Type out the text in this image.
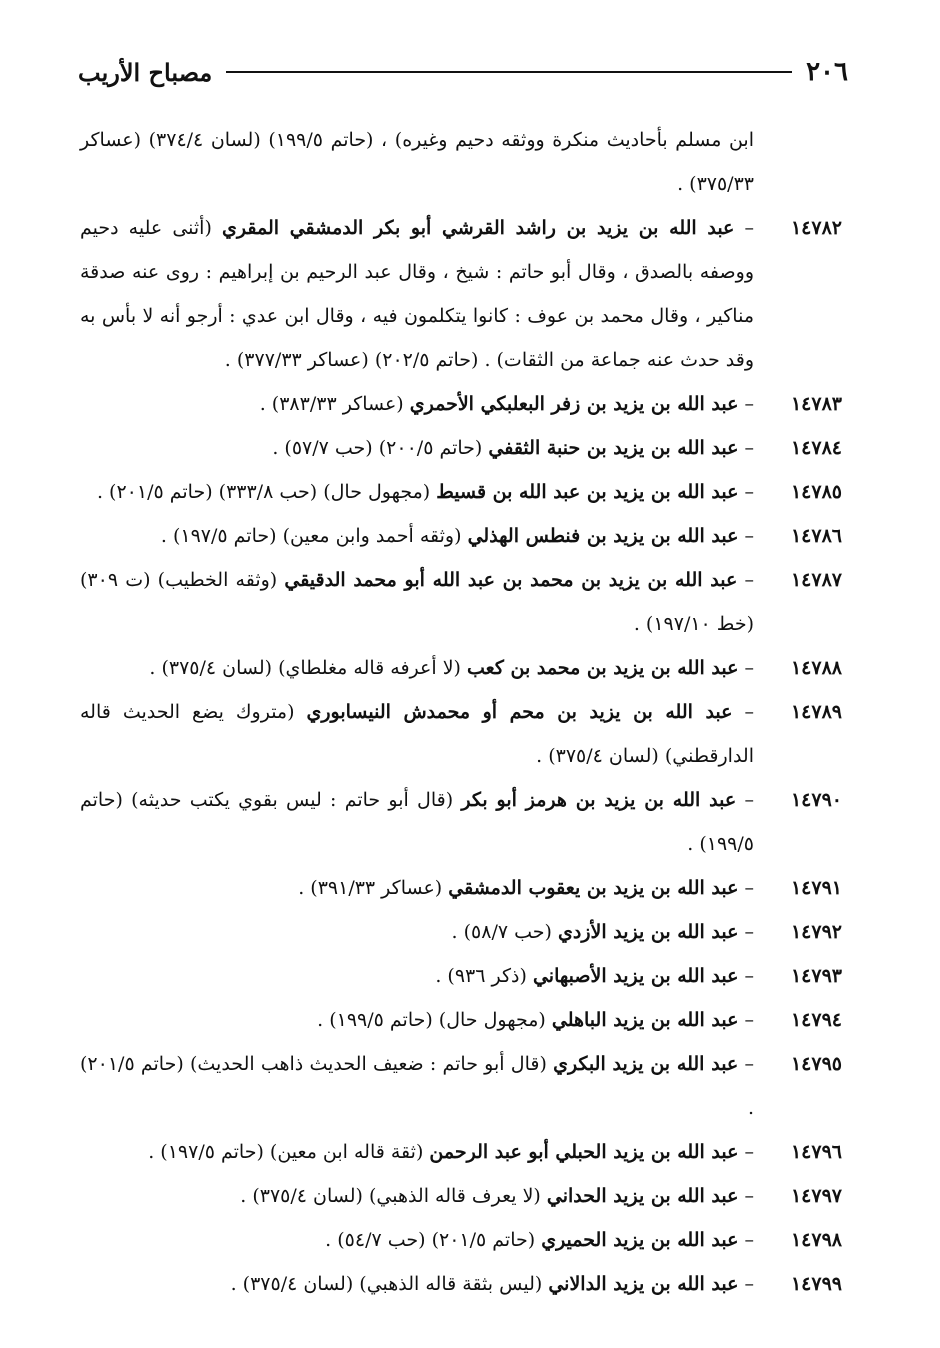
٢٠٦
مصباح الأريب

ابن مسلم بأحاديث منكرة ووثقه دحيم وغيره) ، (حاتم ١٩٩/٥) (لسان ٣٧٤/٤) (عساكر ٣٧٥/٣٣) .

١٤٧٨٢
– عبد الله بن يزيد بن راشد القرشي أبو بكر الدمشقي المقري (أثنى عليه دحيم ووصفه بالصدق ، وقال أبو حاتم : شيخ ، وقال عبد الرحيم بن إبراهيم : روى عنه صدقة مناكير ، وقال محمد بن عوف : كانوا يتكلمون فيه ، وقال ابن عدي : أرجو أنه لا بأس به وقد حدث عنه جماعة من الثقات) . (حاتم ٢٠٢/٥) (عساكر ٣٧٧/٣٣) .

١٤٧٨٣
– عبد الله بن يزيد بن زفر البعلبكي الأحمري (عساكر ٣٨٣/٣٣) .

١٤٧٨٤
– عبد الله بن يزيد بن حنبة الثقفي (حاتم ٢٠٠/٥) (حب ٥٧/٧) .

١٤٧٨٥
– عبد الله بن يزيد بن عبد الله بن قسيط (مجهول حال) (حب ٣٣٣/٨) (حاتم ٢٠١/٥) .

١٤٧٨٦
– عبد الله بن يزيد بن فنطس الهذلي (وثقه أحمد وابن معين) (حاتم ١٩٧/٥) .

١٤٧٨٧
– عبد الله بن يزيد بن محمد بن عبد الله أبو محمد الدقيقي (وثقه الخطيب) (ت ٣٠٩) (خط ١٩٧/١٠) .

١٤٧٨٨
– عبد الله بن يزيد بن محمد بن كعب (لا أعرفه قاله مغلطاي) (لسان ٣٧٥/٤) .

١٤٧٨٩
– عبد الله بن يزيد بن محم أو محمدش النيسابوري (متروك يضع الحديث قاله الدارقطني) (لسان ٣٧٥/٤) .

١٤٧٩٠
– عبد الله بن يزيد بن هرمز أبو بكر (قال أبو حاتم : ليس بقوي يكتب حديثه) (حاتم ١٩٩/٥) .

١٤٧٩١
– عبد الله بن يزيد بن يعقوب الدمشقي (عساكر ٣٩١/٣٣) .

١٤٧٩٢
– عبد الله بن يزيد الأزدي (حب ٥٨/٧) .

١٤٧٩٣
– عبد الله بن يزيد الأصبهاني (ذكر ٩٣٦) .

١٤٧٩٤
– عبد الله بن يزيد الباهلي (مجهول حال) (حاتم ١٩٩/٥) .

١٤٧٩٥
– عبد الله بن يزيد البكري (قال أبو حاتم : ضعيف الحديث ذاهب الحديث) (حاتم ٢٠١/٥) .

١٤٧٩٦
– عبد الله بن يزيد الحبلي أبو عبد الرحمن (ثقة قاله ابن معين) (حاتم ١٩٧/٥) .

١٤٧٩٧
– عبد الله بن يزيد الحداني (لا يعرف قاله الذهبي) (لسان ٣٧٥/٤) .

١٤٧٩٨
– عبد الله بن يزيد الحميري (حاتم ٢٠١/٥) (حب ٥٤/٧) .

١٤٧٩٩
– عبد الله بن يزيد الدالاني (ليس بثقة قاله الذهبي) (لسان ٣٧٥/٤) .
